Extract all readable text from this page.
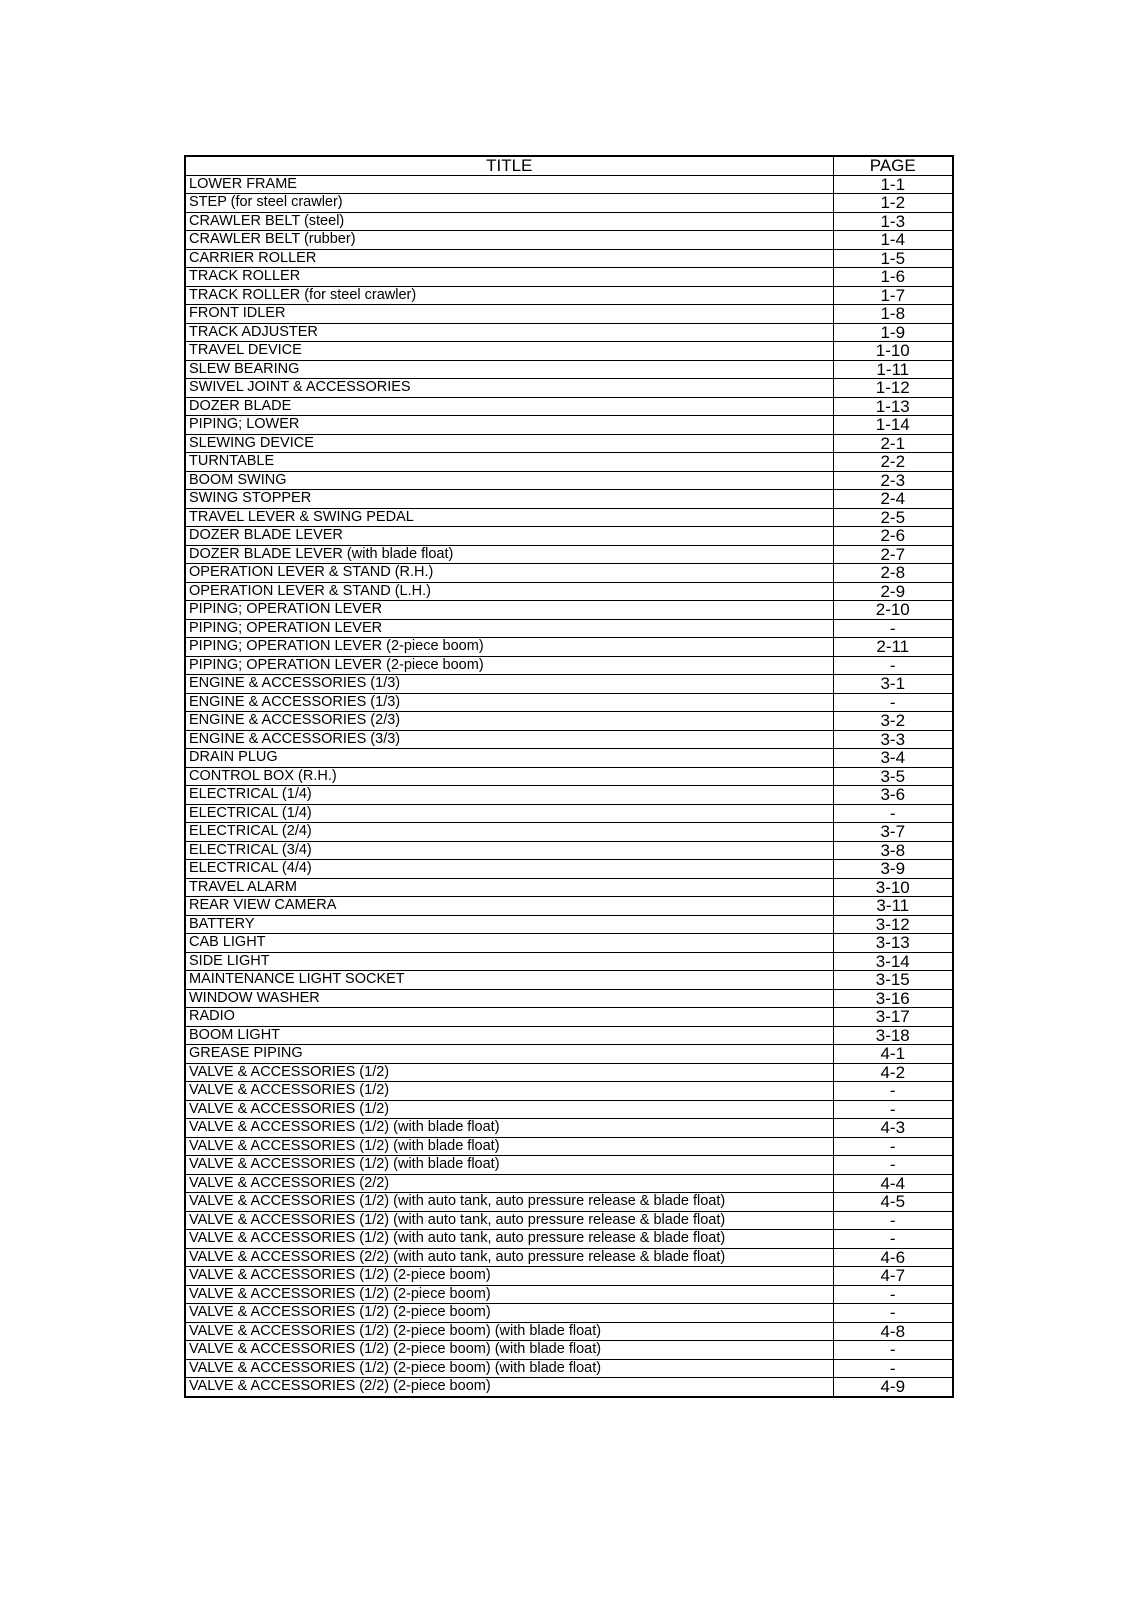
TITLE	PAGE
LOWER FRAME	1-1
STEP (for steel crawler)	1-2
CRAWLER BELT (steel)	1-3
CRAWLER BELT (rubber)	1-4
CARRIER ROLLER	1-5
TRACK ROLLER	1-6
TRACK ROLLER (for steel crawler)	1-7
FRONT IDLER	1-8
TRACK ADJUSTER	1-9
TRAVEL DEVICE	1-10
SLEW BEARING	1-11
SWIVEL JOINT & ACCESSORIES	1-12
DOZER BLADE	1-13
PIPING; LOWER	1-14
SLEWING DEVICE	2-1
TURNTABLE	2-2
BOOM SWING	2-3
SWING STOPPER	2-4
TRAVEL LEVER & SWING PEDAL	2-5
DOZER BLADE LEVER	2-6
DOZER BLADE LEVER (with blade float)	2-7
OPERATION LEVER & STAND (R.H.)	2-8
OPERATION LEVER & STAND (L.H.)	2-9
PIPING; OPERATION LEVER	2-10
PIPING; OPERATION LEVER	-
PIPING; OPERATION LEVER (2-piece boom)	2-11
PIPING; OPERATION LEVER (2-piece boom)	-
ENGINE & ACCESSORIES (1/3)	3-1
ENGINE & ACCESSORIES (1/3)	-
ENGINE & ACCESSORIES (2/3)	3-2
ENGINE & ACCESSORIES (3/3)	3-3
DRAIN PLUG	3-4
CONTROL BOX (R.H.)	3-5
ELECTRICAL (1/4)	3-6
ELECTRICAL (1/4)	-
ELECTRICAL (2/4)	3-7
ELECTRICAL (3/4)	3-8
ELECTRICAL (4/4)	3-9
TRAVEL ALARM	3-10
REAR VIEW CAMERA	3-11
BATTERY	3-12
CAB LIGHT	3-13
SIDE LIGHT	3-14
MAINTENANCE LIGHT SOCKET	3-15
WINDOW WASHER	3-16
RADIO	3-17
BOOM LIGHT	3-18
GREASE PIPING	4-1
VALVE & ACCESSORIES (1/2)	4-2
VALVE & ACCESSORIES (1/2)	-
VALVE & ACCESSORIES (1/2)	-
VALVE & ACCESSORIES (1/2) (with blade float)	4-3
VALVE & ACCESSORIES (1/2) (with blade float)	-
VALVE & ACCESSORIES (1/2) (with blade float)	-
VALVE & ACCESSORIES (2/2)	4-4
VALVE & ACCESSORIES (1/2) (with auto tank, auto pressure release & blade float)	4-5
VALVE & ACCESSORIES (1/2) (with auto tank, auto pressure release & blade float)	-
VALVE & ACCESSORIES (1/2) (with auto tank, auto pressure release & blade float)	-
VALVE & ACCESSORIES (2/2) (with auto tank, auto pressure release & blade float)	4-6
VALVE & ACCESSORIES (1/2) (2-piece boom)	4-7
VALVE & ACCESSORIES (1/2) (2-piece boom)	-
VALVE & ACCESSORIES (1/2) (2-piece boom)	-
VALVE & ACCESSORIES (1/2) (2-piece boom) (with blade float)	4-8
VALVE & ACCESSORIES (1/2) (2-piece boom) (with blade float)	-
VALVE & ACCESSORIES (1/2) (2-piece boom) (with blade float)	-
VALVE & ACCESSORIES (2/2) (2-piece boom)	4-9
